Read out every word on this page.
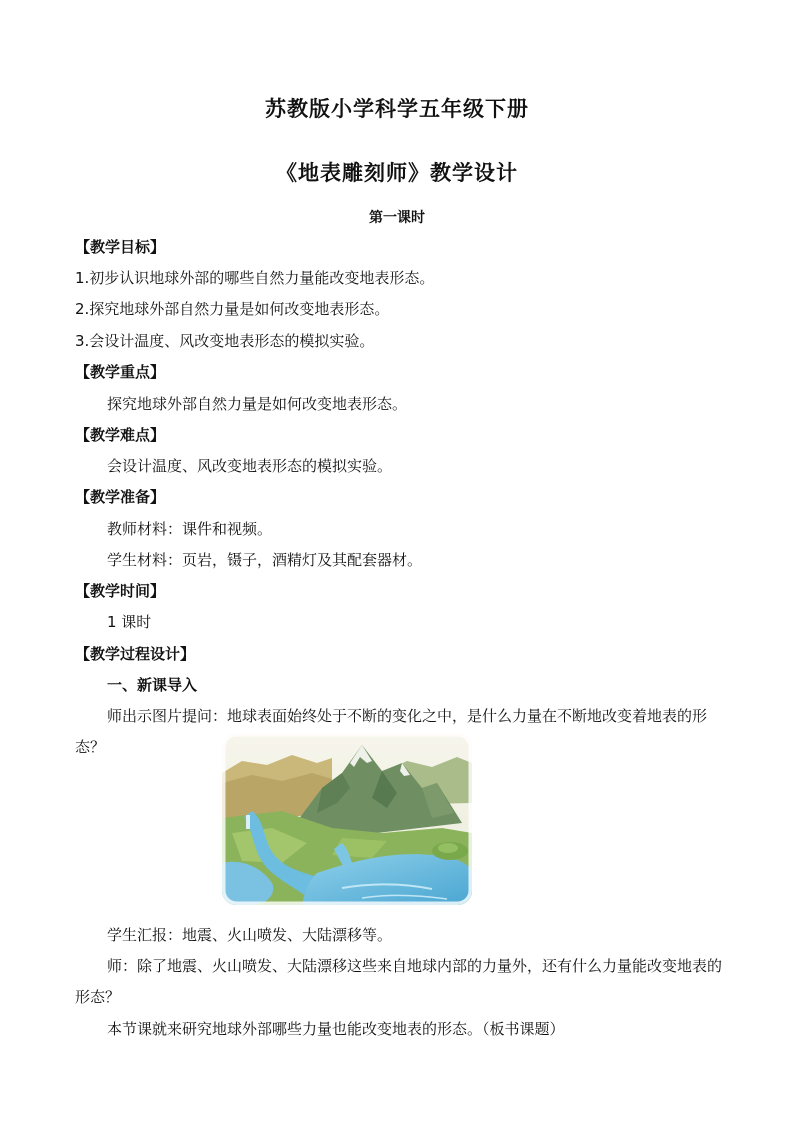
苏教版小学科学五年级下册
《地表雕刻师》教学设计
第一课时
【教学目标】
1.初步认识地球外部的哪些自然力量能改变地表形态。
2.探究地球外部自然力量是如何改变地表形态。
3.会设计温度、风改变地表形态的模拟实验。
【教学重点】
探究地球外部自然力量是如何改变地表形态。
【教学难点】
会设计温度、风改变地表形态的模拟实验。
【教学准备】
教师材料：课件和视频。
学生材料：页岩，镊子，酒精灯及其配套器材。
【教学时间】
1 课时
【教学过程设计】
一、新课导入
师出示图片提问：地球表面始终处于不断的变化之中，是什么力量在不断地改变着地表的形态？
学生汇报：地震、火山喷发、大陆漂移等。
师：除了地震、火山喷发、大陆漂移这些来自地球内部的力量外，还有什么力量能改变地表的形态？
本节课就来研究地球外部哪些力量也能改变地表的形态。（板书课题）
